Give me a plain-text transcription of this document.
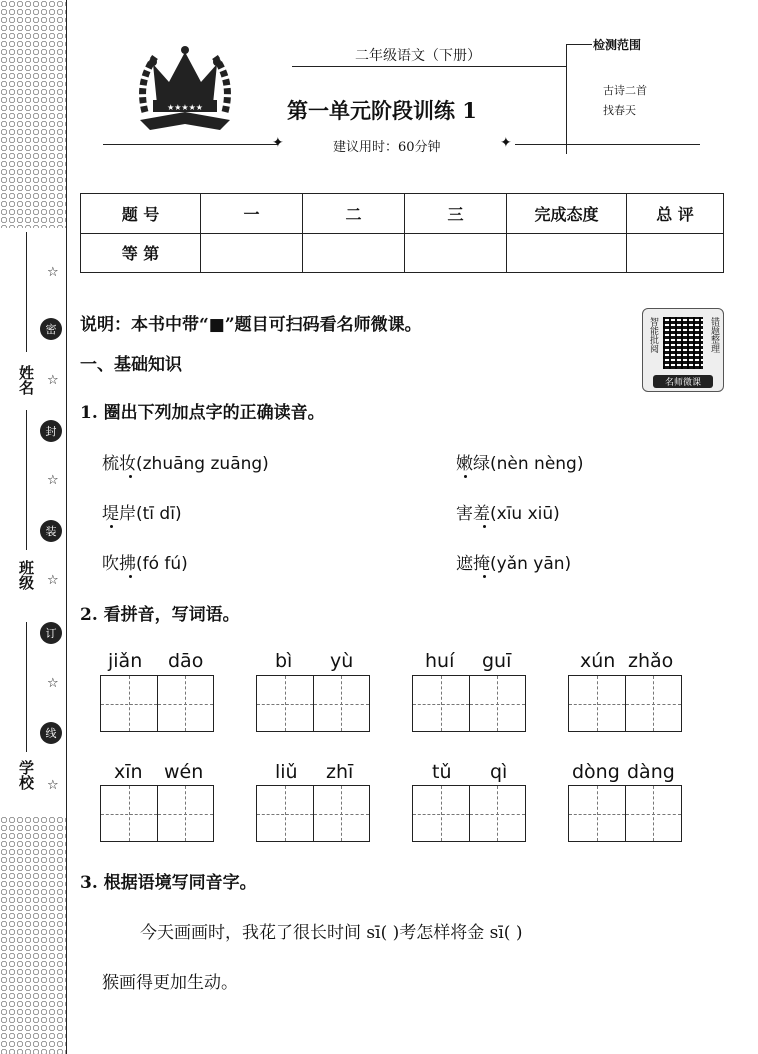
姓名
班级
学校
☆
密
☆
封
☆
装
☆
订
☆
线
☆
★★★★★
二年级语文（下册）
检测范围
古诗二首
找春天
第一单元阶段训练 1
✦	建议用时：60分钟	✦
题 号	一	二	三	完成态度	总 评
等 第					
说明：本书中带“■”题目可扫码看名师微课。	智能批阅	错题整理
名师微课
一、基础知识
1. 圈出下列加点字的正确读音。
梳妆(zhuāng zuāng)	嫩绿(nèn nèng)
堤岸(tī dī)	害羞(xīu xiū)
吹拂(fó fú)	遮掩(yǎn yān)
2. 看拼音，写词语。
jiǎn dāo	bì yù	huí guī	xún zhǎo
xīn wén	liǔ zhī	tǔ qì	dòng dàng
3. 根据语境写同音字。
今天画画时，我花了很长时间 sī( )考怎样将金 sī( )
猴画得更加生动。
